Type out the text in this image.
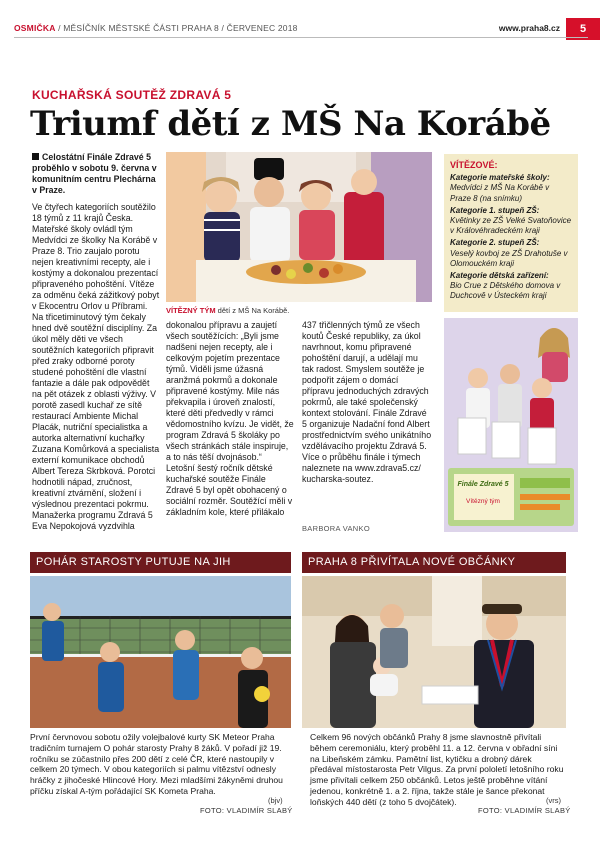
OSMIČKA / MĚSÍČNÍK MĚSTSKÉ ČÁSTI PRAHA 8 / ČERVENEC 2018	www.praha8.cz	5
KUCHAŘSKÁ SOUTĚŽ ZDRAVÁ 5
Triumf dětí z MŠ Na Korábě
Celostátní Finále Zdravé 5 proběhlo v sobotu 9. června v komunitním centru Plechárna v Praze.
Ve čtyřech kategoriích soutěžilo 18 týmů z 11 krajů Česka. Mateřské školy ovládl tým Medvídci ze školky Na Korábě v Praze 8. Trio zaujalo porotu nejen kreativními recepty, ale i kostýmy a dokonalou prezentací připraveného pohoštění. Vítěze za odměnu čeká zážitkový pobyt v Ekocentru Orlov u Příbrami.
Na třicetiminutový tým čekaly hned dvě soutěžní disciplíny. Za úkol měly děti ve všech soutěžních kategoriích připravit před zraky odborné poroty studené pohoštění dle vlastní fantazie a dále pak odpovědět na pět otázek z oblasti výživy. V porotě zasedl kuchař ze sítě restaurací Ambiente Michal Placák, nutriční specialistka a autorka alternativní kuchařky Zuzana Komůrková a specialista externí komunikace obchodů Albert Tereza Skrbková. Porotci hodnotili nápad, zručnost, kreativní ztvárnění, složení i výslednou prezentaci pokrmu.
Manažerka programu Zdravá 5 Eva Nepokojová vyzdvihla
VÍTĚZNÝ TÝM dětí z MŠ Na Korábě.
dokonalou přípravu a zaujetí všech soutěžících: „Byli jsme nadšeni nejen recepty, ale i celkovým pojetím prezentace týmů. Viděli jsme úžasná aranžmá pokrmů a dokonale připravené kostýmy. Mile nás překvapila i úroveň znalostí, které děti předvedly v rámci vědomostního kvízu. Je vidět, že program Zdravá 5 školáky po všech stránkách stále inspiruje, a to nás těší dvojnásob.“
Letošní šestý ročník dětské kuchařské soutěže Finále Zdravé 5 byl opět obohacený o sociální rozměr. Soutěžící měli v základním kole, které přilákalo
437 třičlenných týmů ze všech koutů České republiky, za úkol navrhnout, komu připravené pohoštění darují, a udělají mu tak radost. Smyslem soutěže je podpořit zájem o domácí přípravu jednoduchých zdravých pokrmů, ale také společenský kontext stolování. Finále Zdravé 5 organizuje Nadační fond Albert prostřednictvím svého unikátního vzdělávacího projektu Zdravá 5.
Více o průběhu finále i týmech naleznete na www.zdrava5.cz/ kucharska-soutez.
BARBORA VANKO
VÍTĚZOVÉ:
Kategorie mateřské školy:
Medvídci z MŠ Na Korábě v Praze 8 (na snímku)
Kategorie 1. stupeň ZŠ:
Květinky ze ZŠ Velké Svatoňovice v Královéhradeckém kraji
Kategorie 2. stupeň ZŠ:
Veselý kovboj ze ZŠ Drahotuše v Olomouckém kraji
Kategorie dětská zařízení:
Bio Crue z Dětského domova v Duchcově v Ústeckém kraji
Finále Zdravé 5
Vítězný tým
POHÁR STAROSTY PUTUJE NA JIH
První červnovou sobotu ožily volejbalové kurty SK Meteor Praha tradičním turnajem O pohár starosty Prahy 8 žáků. V pořadí již 19. ročníku se zúčastnilo přes 200 dětí z celé ČR, které nastoupily v celkem 20 týmech. V obou kategoriích si palmu vítězství odnesly hráčky z jihočeské Hlincové Hory. Mezi mladšími žákyněmi druhou příčku získal A-tým pořádající SK Kometa Praha.
(bjv)
FOTO: VLADIMÍR SLABÝ
PRAHA 8 PŘIVÍTALA NOVÉ OBČÁNKY
Celkem 96 nových občánků Prahy 8 jsme slavnostně přivítali během ceremoniálu, který proběhl 11. a 12. června v obřadní síni na Libeňském zámku. Pamětní list, kytičku a drobný dárek předával místostarosta Petr Vilgus. Za první pololetí letošního roku jsme přivítali celkem 250 občánků. Letos ještě proběhne vítání jedenou, konkrétně 1. a 2. října, takže stále je šance překonat loňských 440 dětí (z toho 5 dvojčátek).	(vrs)
FOTO: VLADIMÍR SLABÝ
